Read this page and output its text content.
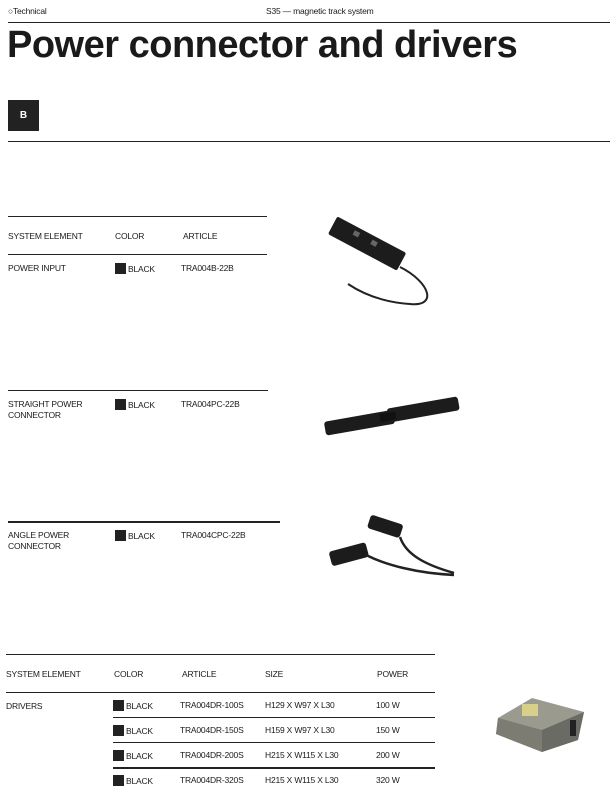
○Technical	S35 — magnetic track system
Power connector and drivers
B
SYSTEM ELEMENT	COLOR	ARTICLE
POWER INPUT	BLACK	TRA004B-22B
STRAIGHT POWER
CONNECTOR
BLACK	TRA004PC-22B
ANGLE POWER
CONNECTOR
BLACK	TRA004CPC-22B
SYSTEM ELEMENT	COLOR	ARTICLE	SIZE	POWER
DRIVERS	BLACK	TRA004DR-100S	H129 X W97 X L30	100 W
BLACK	TRA004DR-150S	H159 X W97 X L30	150 W
BLACK	TRA004DR-200S	H215 X W115 X L30	200 W
BLACK	TRA004DR-320S	H215 X W115 X L30	320 W
